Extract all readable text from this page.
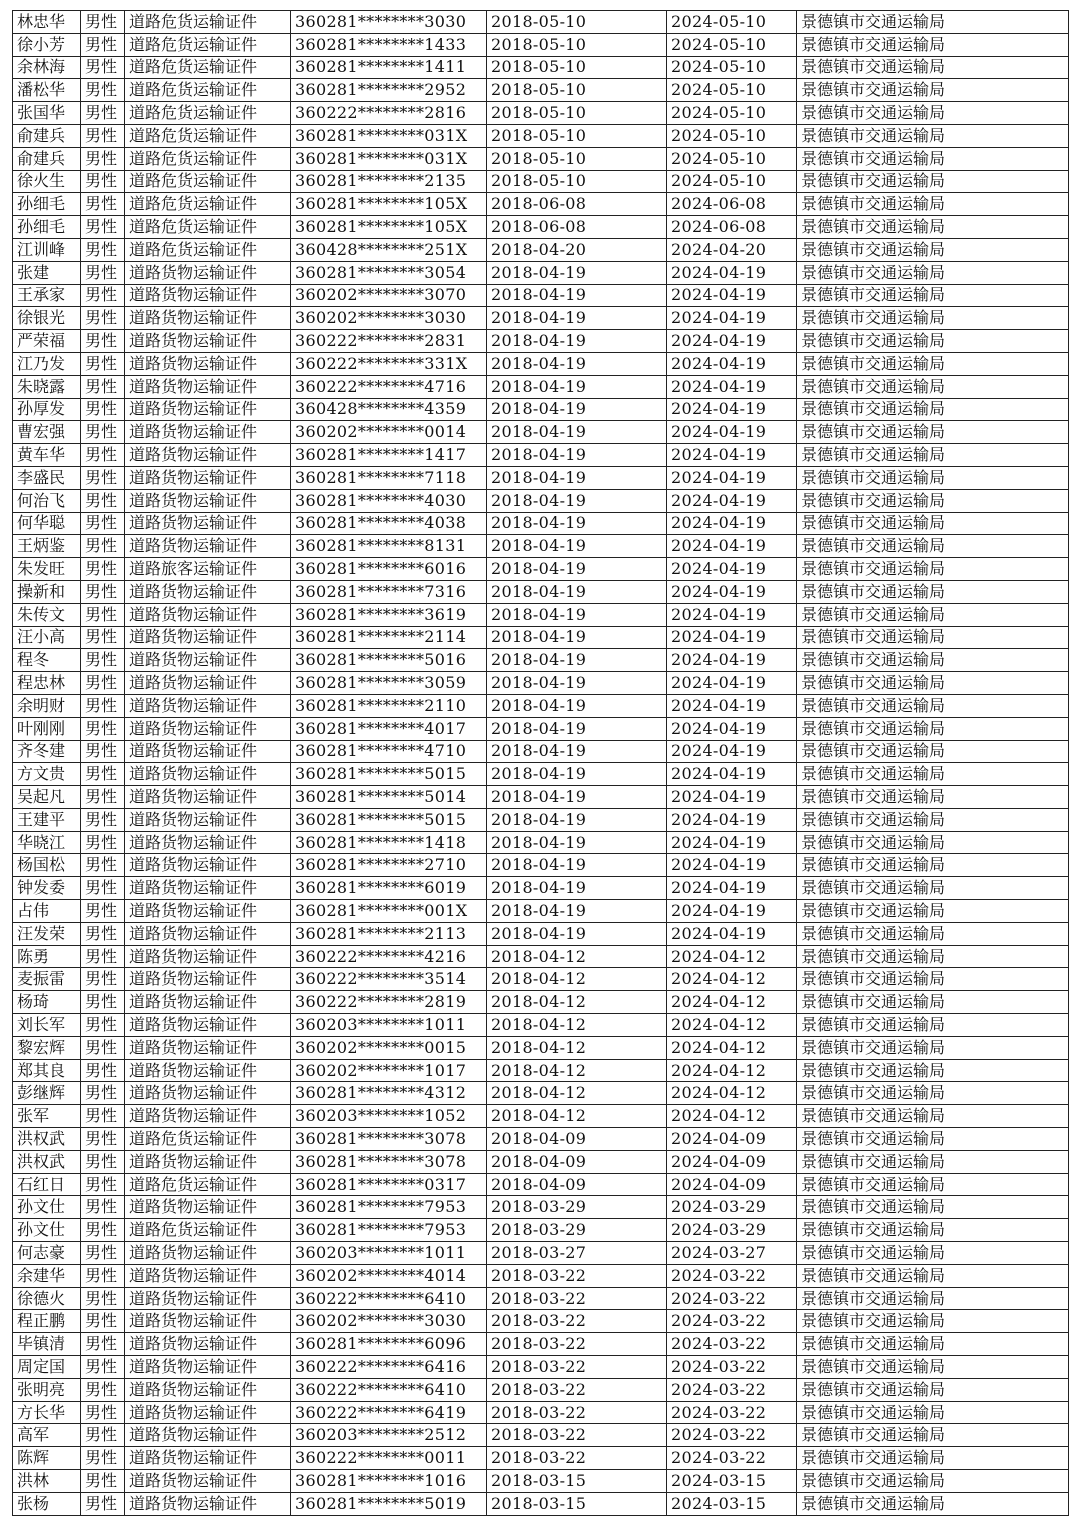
林忠华	男性	道路危货运输证件	360281********3030	2018-05-10	2024-05-10	景德镇市交通运输局
徐小芳	男性	道路危货运输证件	360281********1433	2018-05-10	2024-05-10	景德镇市交通运输局
余林海	男性	道路危货运输证件	360281********1411	2018-05-10	2024-05-10	景德镇市交通运输局
潘松华	男性	道路危货运输证件	360281********2952	2018-05-10	2024-05-10	景德镇市交通运输局
张国华	男性	道路危货运输证件	360222********2816	2018-05-10	2024-05-10	景德镇市交通运输局
俞建兵	男性	道路危货运输证件	360281********031X	2018-05-10	2024-05-10	景德镇市交通运输局
俞建兵	男性	道路危货运输证件	360281********031X	2018-05-10	2024-05-10	景德镇市交通运输局
徐火生	男性	道路危货运输证件	360281********2135	2018-05-10	2024-05-10	景德镇市交通运输局
孙细毛	男性	道路危货运输证件	360281********105X	2018-06-08	2024-06-08	景德镇市交通运输局
孙细毛	男性	道路危货运输证件	360281********105X	2018-06-08	2024-06-08	景德镇市交通运输局
江训峰	男性	道路危货运输证件	360428********251X	2018-04-20	2024-04-20	景德镇市交通运输局
张建	男性	道路货物运输证件	360281********3054	2018-04-19	2024-04-19	景德镇市交通运输局
王承家	男性	道路货物运输证件	360202********3070	2018-04-19	2024-04-19	景德镇市交通运输局
徐银光	男性	道路货物运输证件	360202********3030	2018-04-19	2024-04-19	景德镇市交通运输局
严荣福	男性	道路货物运输证件	360222********2831	2018-04-19	2024-04-19	景德镇市交通运输局
江乃发	男性	道路货物运输证件	360222********331X	2018-04-19	2024-04-19	景德镇市交通运输局
朱晓露	男性	道路货物运输证件	360222********4716	2018-04-19	2024-04-19	景德镇市交通运输局
孙厚发	男性	道路货物运输证件	360428********4359	2018-04-19	2024-04-19	景德镇市交通运输局
曹宏强	男性	道路货物运输证件	360202********0014	2018-04-19	2024-04-19	景德镇市交通运输局
黄车华	男性	道路货物运输证件	360281********1417	2018-04-19	2024-04-19	景德镇市交通运输局
李盛民	男性	道路货物运输证件	360281********7118	2018-04-19	2024-04-19	景德镇市交通运输局
何治飞	男性	道路货物运输证件	360281********4030	2018-04-19	2024-04-19	景德镇市交通运输局
何华聪	男性	道路货物运输证件	360281********4038	2018-04-19	2024-04-19	景德镇市交通运输局
王炳鉴	男性	道路货物运输证件	360281********8131	2018-04-19	2024-04-19	景德镇市交通运输局
朱发旺	男性	道路旅客运输证件	360281********6016	2018-04-19	2024-04-19	景德镇市交通运输局
操新和	男性	道路货物运输证件	360281********7316	2018-04-19	2024-04-19	景德镇市交通运输局
朱传文	男性	道路货物运输证件	360281********3619	2018-04-19	2024-04-19	景德镇市交通运输局
汪小高	男性	道路货物运输证件	360281********2114	2018-04-19	2024-04-19	景德镇市交通运输局
程冬	男性	道路货物运输证件	360281********5016	2018-04-19	2024-04-19	景德镇市交通运输局
程忠林	男性	道路货物运输证件	360281********3059	2018-04-19	2024-04-19	景德镇市交通运输局
余明财	男性	道路货物运输证件	360281********2110	2018-04-19	2024-04-19	景德镇市交通运输局
叶刚刚	男性	道路货物运输证件	360281********4017	2018-04-19	2024-04-19	景德镇市交通运输局
齐冬建	男性	道路货物运输证件	360281********4710	2018-04-19	2024-04-19	景德镇市交通运输局
方文贵	男性	道路货物运输证件	360281********5015	2018-04-19	2024-04-19	景德镇市交通运输局
吴起凡	男性	道路货物运输证件	360281********5014	2018-04-19	2024-04-19	景德镇市交通运输局
王建平	男性	道路货物运输证件	360281********5015	2018-04-19	2024-04-19	景德镇市交通运输局
华晓江	男性	道路货物运输证件	360281********1418	2018-04-19	2024-04-19	景德镇市交通运输局
杨国松	男性	道路货物运输证件	360281********2710	2018-04-19	2024-04-19	景德镇市交通运输局
钟发委	男性	道路货物运输证件	360281********6019	2018-04-19	2024-04-19	景德镇市交通运输局
占伟	男性	道路货物运输证件	360281********001X	2018-04-19	2024-04-19	景德镇市交通运输局
汪发荣	男性	道路货物运输证件	360281********2113	2018-04-19	2024-04-19	景德镇市交通运输局
陈勇	男性	道路货物运输证件	360222********4216	2018-04-12	2024-04-12	景德镇市交通运输局
麦振雷	男性	道路货物运输证件	360222********3514	2018-04-12	2024-04-12	景德镇市交通运输局
杨琦	男性	道路货物运输证件	360222********2819	2018-04-12	2024-04-12	景德镇市交通运输局
刘长军	男性	道路货物运输证件	360203********1011	2018-04-12	2024-04-12	景德镇市交通运输局
黎宏辉	男性	道路货物运输证件	360202********0015	2018-04-12	2024-04-12	景德镇市交通运输局
郑其良	男性	道路货物运输证件	360202********1017	2018-04-12	2024-04-12	景德镇市交通运输局
彭继辉	男性	道路货物运输证件	360281********4312	2018-04-12	2024-04-12	景德镇市交通运输局
张军	男性	道路货物运输证件	360203********1052	2018-04-12	2024-04-12	景德镇市交通运输局
洪权武	男性	道路危货运输证件	360281********3078	2018-04-09	2024-04-09	景德镇市交通运输局
洪权武	男性	道路货物运输证件	360281********3078	2018-04-09	2024-04-09	景德镇市交通运输局
石红日	男性	道路危货运输证件	360281********0317	2018-04-09	2024-04-09	景德镇市交通运输局
孙文仕	男性	道路货物运输证件	360281********7953	2018-03-29	2024-03-29	景德镇市交通运输局
孙文仕	男性	道路危货运输证件	360281********7953	2018-03-29	2024-03-29	景德镇市交通运输局
何志豪	男性	道路货物运输证件	360203********1011	2018-03-27	2024-03-27	景德镇市交通运输局
余建华	男性	道路货物运输证件	360202********4014	2018-03-22	2024-03-22	景德镇市交通运输局
徐德火	男性	道路货物运输证件	360222********6410	2018-03-22	2024-03-22	景德镇市交通运输局
程正鹏	男性	道路货物运输证件	360202********3030	2018-03-22	2024-03-22	景德镇市交通运输局
毕镇清	男性	道路货物运输证件	360281********6096	2018-03-22	2024-03-22	景德镇市交通运输局
周定国	男性	道路货物运输证件	360222********6416	2018-03-22	2024-03-22	景德镇市交通运输局
张明亮	男性	道路货物运输证件	360222********6410	2018-03-22	2024-03-22	景德镇市交通运输局
方长华	男性	道路货物运输证件	360222********6419	2018-03-22	2024-03-22	景德镇市交通运输局
高军	男性	道路货物运输证件	360203********2512	2018-03-22	2024-03-22	景德镇市交通运输局
陈辉	男性	道路货物运输证件	360222********0011	2018-03-22	2024-03-22	景德镇市交通运输局
洪林	男性	道路货物运输证件	360281********1016	2018-03-15	2024-03-15	景德镇市交通运输局
张杨	男性	道路货物运输证件	360281********5019	2018-03-15	2024-03-15	景德镇市交通运输局
